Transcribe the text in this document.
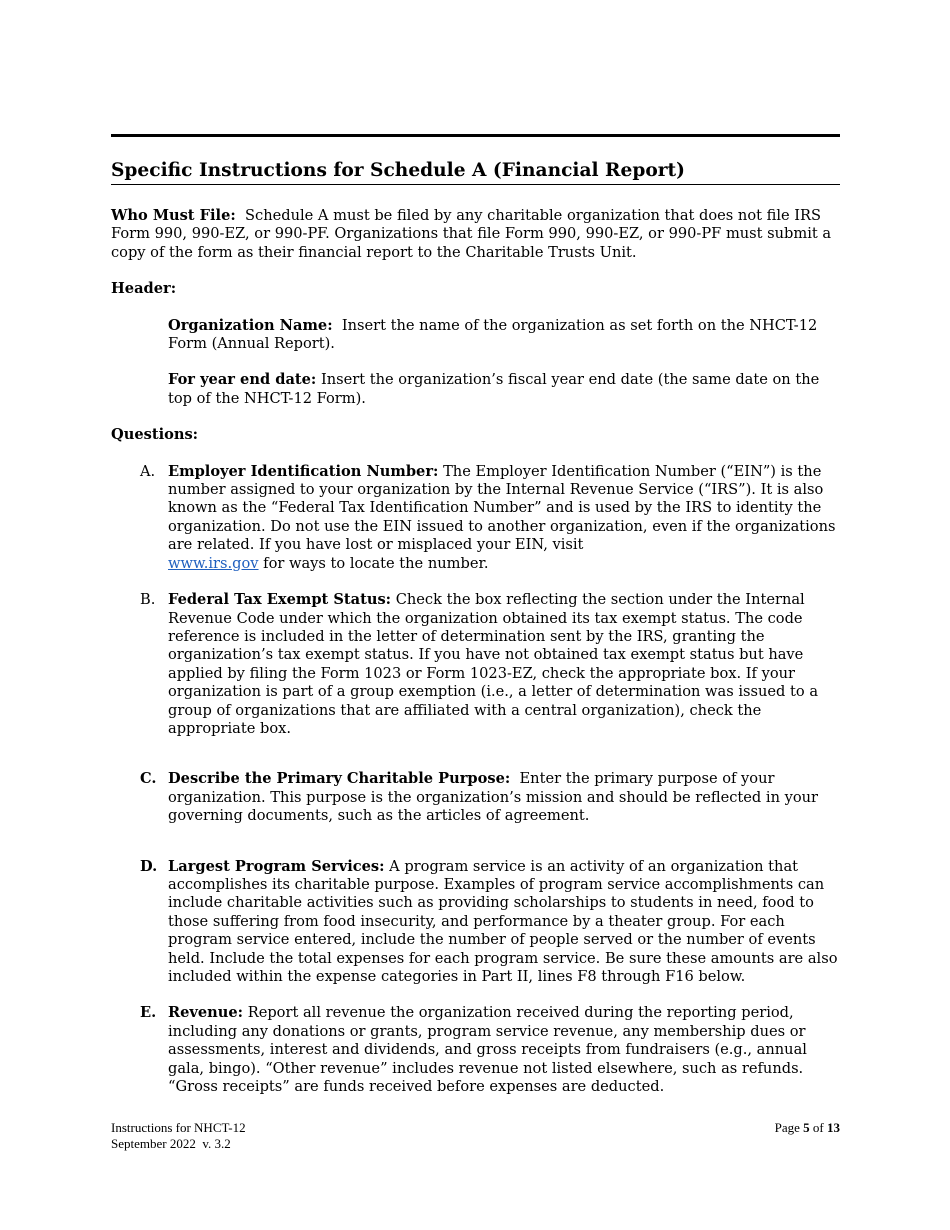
Specific Instructions for Schedule A (Financial Report)

Who Must File: Schedule A must be filed by any charitable organization that does not file IRS Form 990, 990-EZ, or 990-PF. Organizations that file Form 990, 990-EZ, or 990-PF must submit a copy of the form as their financial report to the Charitable Trusts Unit.

Header:

Organization Name: Insert the name of the organization as set forth on the NHCT-12 Form (Annual Report).

For year end date: Insert the organization’s fiscal year end date (the same date on the top of the NHCT-12 Form).

Questions:
A. Employer Identification Number: The Employer Identification Number (“EIN”) is the number assigned to your organization by the Internal Revenue Service (“IRS”). It is also known as the “Federal Tax Identification Number” and is used by the IRS to identity the organization. Do not use the EIN issued to another organization, even if the organizations are related. If you have lost or misplaced your EIN, visit
www.irs.gov for ways to locate the number.
B. Federal Tax Exempt Status: Check the box reflecting the section under the Internal Revenue Code under which the organization obtained its tax exempt status. The code reference is included in the letter of determination sent by the IRS, granting the organization’s tax exempt status. If you have not obtained tax exempt status but have applied by filing the Form 1023 or Form 1023-EZ, check the appropriate box. If your organization is part of a group exemption (i.e., a letter of determination was issued to a group of organizations that are affiliated with a central organization), check the appropriate box.
C. Describe the Primary Charitable Purpose: Enter the primary purpose of your organization. This purpose is the organization’s mission and should be reflected in your governing documents, such as the articles of agreement.
D. Largest Program Services: A program service is an activity of an organization that accomplishes its charitable purpose. Examples of program service accomplishments can include charitable activities such as providing scholarships to students in need, food to those suffering from food insecurity, and performance by a theater group. For each program service entered, include the number of people served or the number of events held. Include the total expenses for each program service. Be sure these amounts are also included within the expense categories in Part II, lines F8 through F16 below.
E. Revenue: Report all revenue the organization received during the reporting period, including any donations or grants, program service revenue, any membership dues or assessments, interest and dividends, and gross receipts from fundraisers (e.g., annual gala, bingo). “Other revenue” includes revenue not listed elsewhere, such as refunds. “Gross receipts” are funds received before expenses are deducted.
Instructions for NHCT-12
September 2022  v. 3.2
Page 5 of 13
